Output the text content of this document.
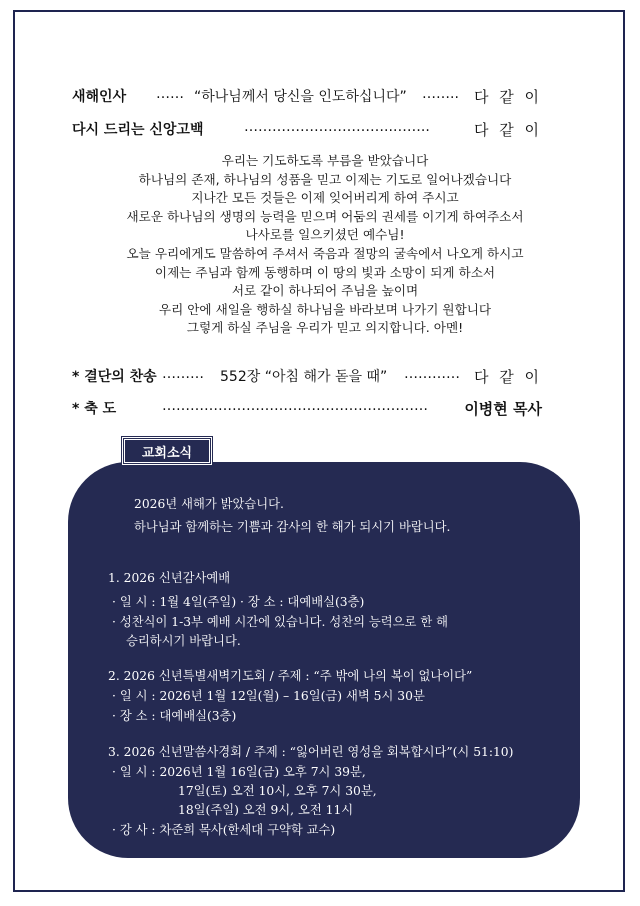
새해인사 …… “하나님께서 당신을 인도하십니다” …….. 다 같 이
다시 드리는 신앙고백	…………………………..……..	다 같 이
우리는 기도하도록 부름을 받았습니다
하나님의 존재, 하나님의 성품을 믿고 이제는 기도로 일어나겠습니다
지나간 모든 것들은 이제 잊어버리게 하여 주시고
새로운 하나님의 생명의 능력을 믿으며 어둠의 권세를 이기게 하여주소서
나사로를 일으키셨던 예수님!
오늘 우리에게도 말씀하여 주셔서 죽음과 절망의 굴속에서 나오게 하시고
이제는 주님과 함께 동행하며 이 땅의 빛과 소망이 되게 하소서
서로 같이 하나되어 주님을 높이며
우리 안에 새일을 행하실 하나님을 바라보며 나가기 원합니다
그렇게 하실 주님을 우리가 믿고 의지합니다. 아멘!
* 결단의 찬송 ……… 552장 “아침 해가 돋을 때” ………… 다 같 이
* 축 도	………………………………………………… 이병현 목사
교회소식
2026년 새해가 밝았습니다.
하나님과 함께하는 기쁨과 감사의 한 해가 되시기 바랍니다.
1. 2026 신년감사예배
· 일 시 : 1월 4일(주일) · 장 소 : 대예배실(3층)
· 성찬식이 1-3부 예배 시간에 있습니다. 성찬의 능력으로 한 해
승리하시기 바랍니다.
2. 2026 신년특별새벽기도회 / 주제 : “주 밖에 나의 복이 없나이다”
· 일 시 : 2026년 1월 12일(월) – 16일(금) 새벽 5시 30분
· 장 소 : 대예배실(3층)
3. 2026 신년말씀사경회 / 주제 : “잃어버린 영성을 회복합시다”(시 51:10)
· 일 시 : 2026년 1월 16일(금) 오후 7시 39분,
17일(토) 오전 10시, 오후 7시 30분,
18일(주일) 오전 9시, 오전 11시
· 강 사 : 차준희 목사(한세대 구약학 교수)
